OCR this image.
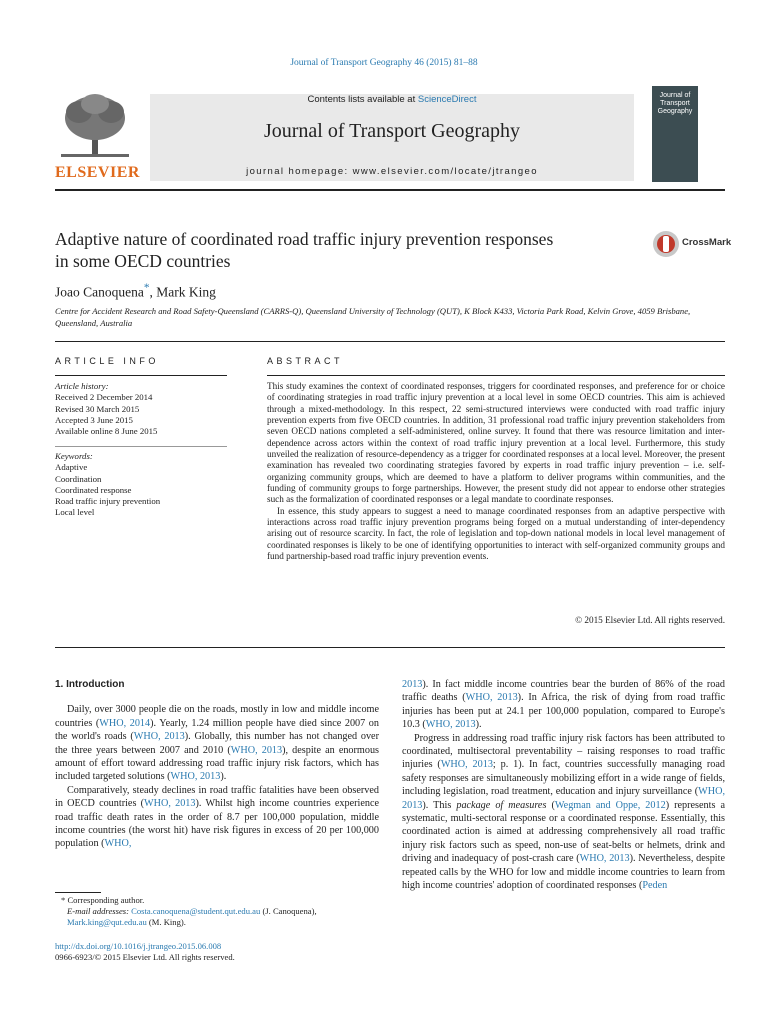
Journal of Transport Geography 46 (2015) 81–88
ELSEVIER
Contents lists available at ScienceDirect
Journal of Transport Geography
journal homepage: www.elsevier.com/locate/jtrangeo
Journal of
Transport
Geography
Adaptive nature of coordinated road traffic injury prevention responses
in some OECD countries
CrossMark
Joao Canoquena*, Mark King
Centre for Accident Research and Road Safety-Queensland (CARRS-Q), Queensland University of Technology (QUT), K Block K433, Victoria Park Road, Kelvin Grove, 4059 Brisbane, Queensland, Australia
ARTICLE INFO
Article history:
Received 2 December 2014
Revised 30 March 2015
Accepted 3 June 2015
Available online 8 June 2015
Keywords:
Adaptive
Coordination
Coordinated response
Road traffic injury prevention
Local level
ABSTRACT

This study examines the context of coordinated responses, triggers for coordinated responses, and preference for or choice of coordinating strategies in road traffic injury prevention at a local level in some OECD countries. This aim is achieved through a mixed-methodology. In this respect, 22 semi-structured interviews were conducted with road traffic injury prevention experts from five OECD countries. In addition, 31 professional road traffic injury prevention stakeholders from seven OECD nations completed a self-administered, online survey. It found that there was resource limitation and inter-dependence across actors within the context of road traffic injury prevention at a local level. Furthermore, this study unveiled the realization of resource-dependency as a trigger for coordinated responses at a local level. Moreover, the present examination has revealed two coordinating strategies favored by experts in road traffic injury prevention – i.e. self-organizing community groups, which are deemed to have a platform to deliver programs within communities, and the funding of community groups to forge partnerships. However, the present study did not appear to endorse other strategies such as the formalization of coordinated responses or a legal mandate to coordinate responses.

In essence, this study appears to suggest a need to manage coordinated responses from an adaptive perspective with interactions across road traffic injury prevention programs being forged on a mutual understanding of inter-dependency arising out of resource scarcity. In fact, the role of legislation and top-down national models in local level management of coordinated responses is likely to be one of identifying opportunities to interact with self-organized community groups and fund partnership-based road traffic injury prevention events.

© 2015 Elsevier Ltd. All rights reserved.

1. Introduction

Daily, over 3000 people die on the roads, mostly in low and middle income countries (WHO, 2014). Yearly, 1.24 million people have died since 2007 on the world's roads (WHO, 2013). Globally, this number has not changed over the three years between 2007 and 2010 (WHO, 2013), despite an enormous amount of effort toward addressing road traffic injury risk factors, which has included targeted solutions (WHO, 2013).

Comparatively, steady declines in road traffic fatalities have been observed in OECD countries (WHO, 2013). Whilst high income countries experience road traffic death rates in the order of 8.7 per 100,000 population, middle income countries (the worst hit) have risk figures in excess of 20 per 100,000 population (WHO,

2013). In fact middle income countries bear the burden of 86% of the road traffic deaths (WHO, 2013). In Africa, the risk of dying from road traffic injuries has been put at 24.1 per 100,000 population, compared to Europe's 10.3 (WHO, 2013).

Progress in addressing road traffic injury risk factors has been attributed to coordinated, multisectoral preventability – raising responses to road traffic injuries (WHO, 2013; p. 1). In fact, countries successfully managing road safety responses are simultaneously mobilizing effort in a wide range of fields, including legislation, road treatment, education and injury surveillance (WHO, 2013). This package of measures (Wegman and Oppe, 2012) represents a systematic, multi-sectoral response or a coordinated response. Essentially, this coordinated action is aimed at addressing comprehensively all road traffic injury risk factors such as speed, non-use of seat-belts or helmets, drink and driving and inadequacy of post-crash care (WHO, 2013). Nevertheless, despite repeated calls by the WHO for low and middle income countries to learn from high income countries' adoption of coordinated responses (Peden

* Corresponding author.
E-mail addresses: Costa.canoquena@student.qut.edu.au (J. Canoquena), Mark.king@qut.edu.au (M. King).
http://dx.doi.org/10.1016/j.jtrangeo.2015.06.008
0966-6923/© 2015 Elsevier Ltd. All rights reserved.
